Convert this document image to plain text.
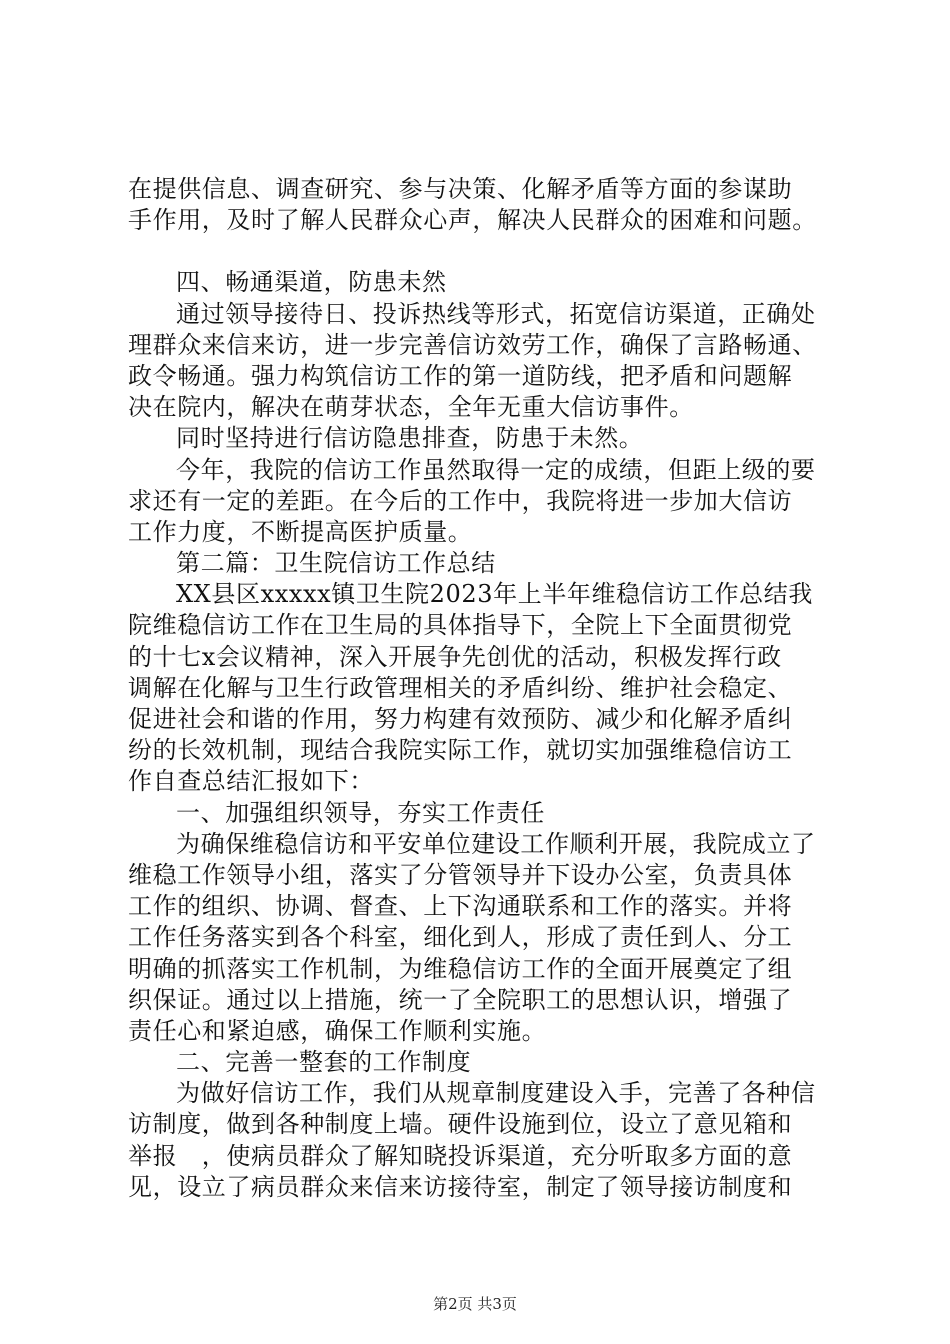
在提供信息、调查研究、参与决策、化解矛盾等方面的参谋助
手作用，及时了解人民群众心声，解决人民群众的困难和问题。
四、畅通渠道，防患未然
通过领导接待日、投诉热线等形式，拓宽信访渠道，正确处
理群众来信来访，进一步完善信访效劳工作，确保了言路畅通、
政令畅通。强力构筑信访工作的第一道防线，把矛盾和问题解
决在院内，解决在萌芽状态，全年无重大信访事件。
同时坚持进行信访隐患排查，防患于未然。
今年，我院的信访工作虽然取得一定的成绩，但距上级的要
求还有一定的差距。在今后的工作中，我院将进一步加大信访
工作力度，不断提高医护质量。
第二篇：卫生院信访工作总结
XX县区xxxxx镇卫生院2023年上半年维稳信访工作总结我
院维稳信访工作在卫生局的具体指导下，全院上下全面贯彻党
的十七x会议精神，深入开展争先创优的活动，积极发挥行政
调解在化解与卫生行政管理相关的矛盾纠纷、维护社会稳定、
促进社会和谐的作用，努力构建有效预防、减少和化解矛盾纠
纷的长效机制，现结合我院实际工作，就切实加强维稳信访工
作自查总结汇报如下：
一、加强组织领导，夯实工作责任
为确保维稳信访和平安单位建设工作顺利开展，我院成立了
维稳工作领导小组，落实了分管领导并下设办公室，负责具体
工作的组织、协调、督查、上下沟通联系和工作的落实。并将
工作任务落实到各个科室，细化到人，形成了责任到人、分工
明确的抓落实工作机制，为维稳信访工作的全面开展奠定了组
织保证。通过以上措施，统一了全院职工的思想认识，增强了
责任心和紧迫感，确保工作顺利实施。
二、完善一整套的工作制度
为做好信访工作，我们从规章制度建设入手，完善了各种信
访制度，做到各种制度上墙。硬件设施到位，设立了意见箱和
举报　，使病员群众了解知晓投诉渠道，充分听取多方面的意
见，设立了病员群众来信来访接待室，制定了领导接访制度和
第2页 共3页
